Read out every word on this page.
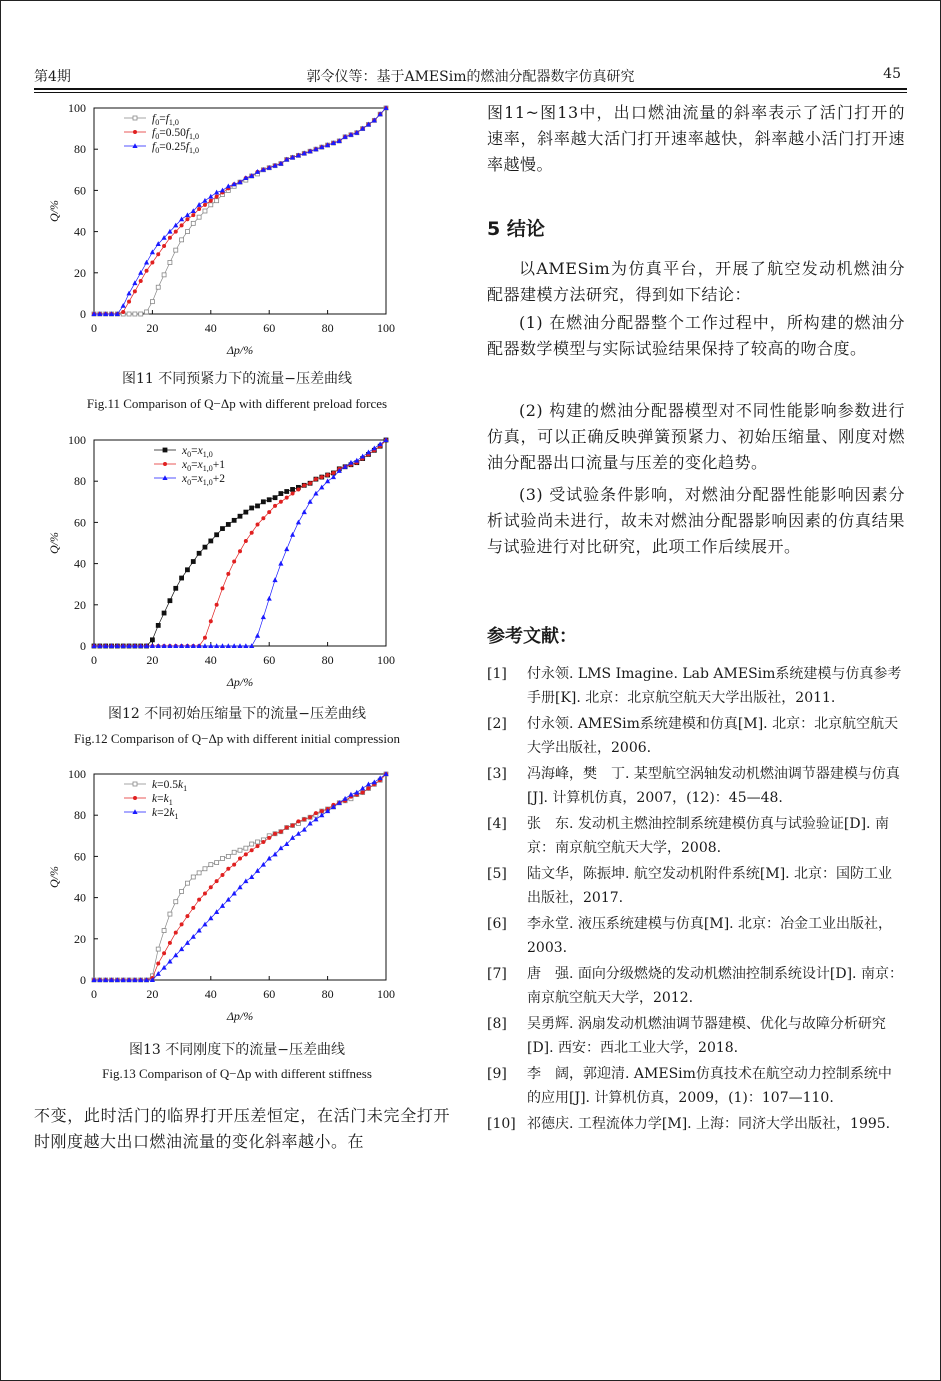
第4期	郭令仪等：基于AMESim的燃油分配器数字仿真研究	45
0	20	40	60	80	100
0
20
40
60
80
100
Δp/%
Q/%
$f_0=f_{1,0}$
$f_0=0.50f_{1,0}$
$f_0=0.25f_{1,0}$
图11 不同预紧力下的流量−压差曲线
Fig.11 Comparison of Q−Δp with different preload forces
0	20	40	60	80	100
0
20
40
60
80
100
Δp/%
Q/%
$x_0=x_{1,0}$
$x_0=x_{1,0}+1$
$x_0=x_{1,0}+2$
图12 不同初始压缩量下的流量−压差曲线
Fig.12 Comparison of Q−Δp with different initial compression
0	20	40	60	80	100
0
20
40
60
80
100
Δp/%
Q/%
$k=0.5k_1$
$k=k_1$
$k=2k_1$
图13 不同刚度下的流量−压差曲线
Fig.13 Comparison of Q−Δp with different stiffness
不变，此时活门的临界打开压差恒定，在活门未完全打开时刚度越大出口燃油流量的变化斜率越小。在
图11~图13中，出口燃油流量的斜率表示了活门打开的速率，斜率越大活门打开速率越快，斜率越小活门打开速率越慢。
5 结论
以AMESim为仿真平台，开展了航空发动机燃油分配器建模方法研究，得到如下结论：
(1) 在燃油分配器整个工作过程中，所构建的燃油分配器数学模型与实际试验结果保持了较高的吻合度。
(2) 构建的燃油分配器模型对不同性能影响参数进行仿真，可以正确反映弹簧预紧力、初始压缩量、刚度对燃油分配器出口流量与压差的变化趋势。
(3) 受试验条件影响，对燃油分配器性能影响因素分析试验尚未进行，故未对燃油分配器影响因素的仿真结果与试验进行对比研究，此项工作后续展开。
参考文献：
[1] 付永领. LMS Imagine. Lab AMESim系统建模与仿真参考手册[K]. 北京：北京航空航天大学出版社，2011.
[2] 付永领. AMESim系统建模和仿真[M]. 北京：北京航空航天大学出版社，2006.
[3] 冯海峰，樊　丁. 某型航空涡轴发动机燃油调节器建模与仿真[J]. 计算机仿真，2007，(12)：45—48.
[4] 张　东. 发动机主燃油控制系统建模仿真与试验验证[D]. 南京：南京航空航天大学，2008.
[5] 陆文华，陈振坤. 航空发动机附件系统[M]. 北京：国防工业出版社，2017.
[6] 李永堂. 液压系统建模与仿真[M]. 北京：冶金工业出版社，2003.
[7] 唐　强. 面向分级燃烧的发动机燃油控制系统设计[D]. 南京：南京航空航天大学，2012.
[8] 吴勇辉. 涡扇发动机燃油调节器建模、优化与故障分析研究[D]. 西安：西北工业大学，2018.
[9] 李　阔，郭迎清. AMESim仿真技术在航空动力控制系统中的应用[J]. 计算机仿真，2009，(1)：107—110.
[10] 祁德庆. 工程流体力学[M]. 上海：同济大学出版社，1995.
